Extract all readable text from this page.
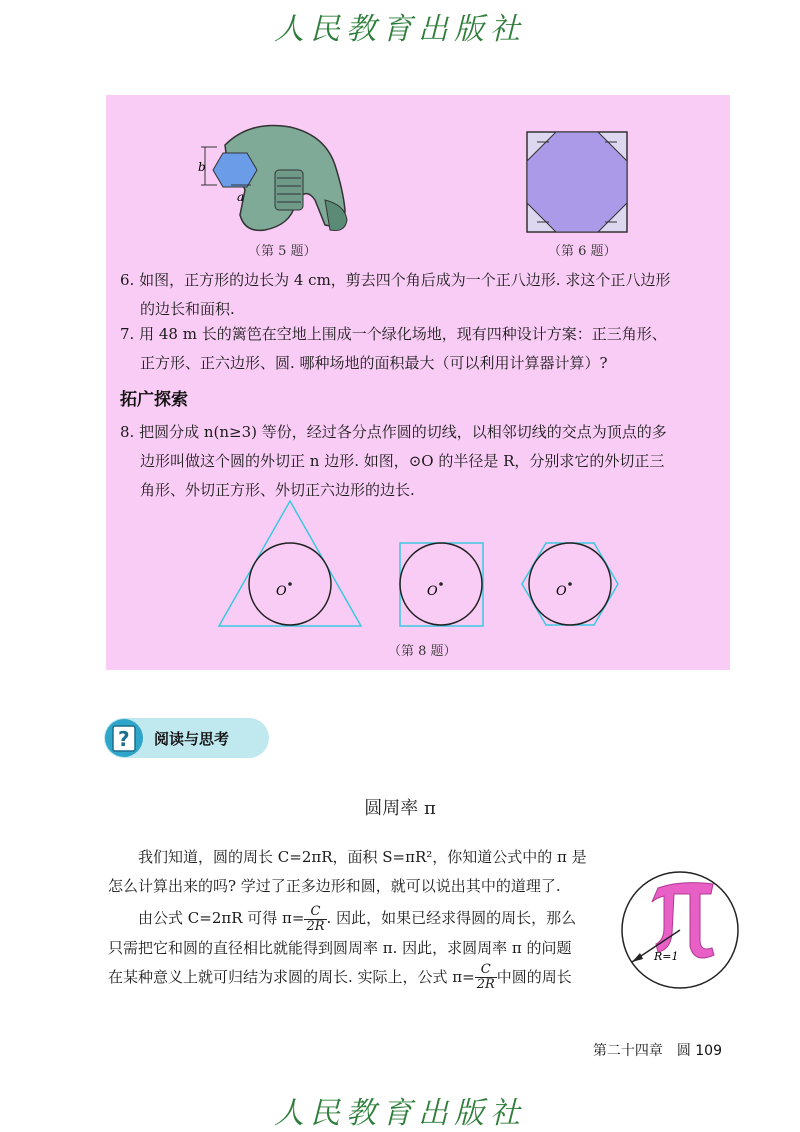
人民教育出版社
b
a
（第 5 题）	（第 6 题）
6. 如图，正方形的边长为 4 cm，剪去四个角后成为一个正八边形. 求这个正八边形
的边长和面积.
7. 用 48 m 长的篱笆在空地上围成一个绿化场地，现有四种设计方案：正三角形、
正方形、正六边形、圆. 哪种场地的面积最大（可以利用计算器计算）?
拓广探索
8. 把圆分成 n(n≥3) 等份，经过各分点作圆的切线，以相邻切线的交点为顶点的多
边形叫做这个圆的外切正 n 边形. 如图，⊙O 的半径是 R，分别求它的外切正三
角形、外切正方形、外切正六边形的边长.
O	O	O
（第 8 题）
? 阅读与思考
圆周率 π
我们知道，圆的周长 C=2πR，面积 S=πR²，你知道公式中的 π 是
怎么计算出来的吗? 学过了正多边形和圆，就可以说出其中的道理了.
由公式 C=2πR 可得 $\pi= \frac{C}{2R}$ . 因此，如果已经求得圆的周长，那么
只需把它和圆的直径相比就能得到圆周率 π. 因此，求圆周率 π 的问题
在某种意义上就可归结为求圆的周长. 实际上，公式 $\pi= \frac{C}{2R}$ 中圆的周长
R=1
第二十四章　圆 109
人民教育出版社
